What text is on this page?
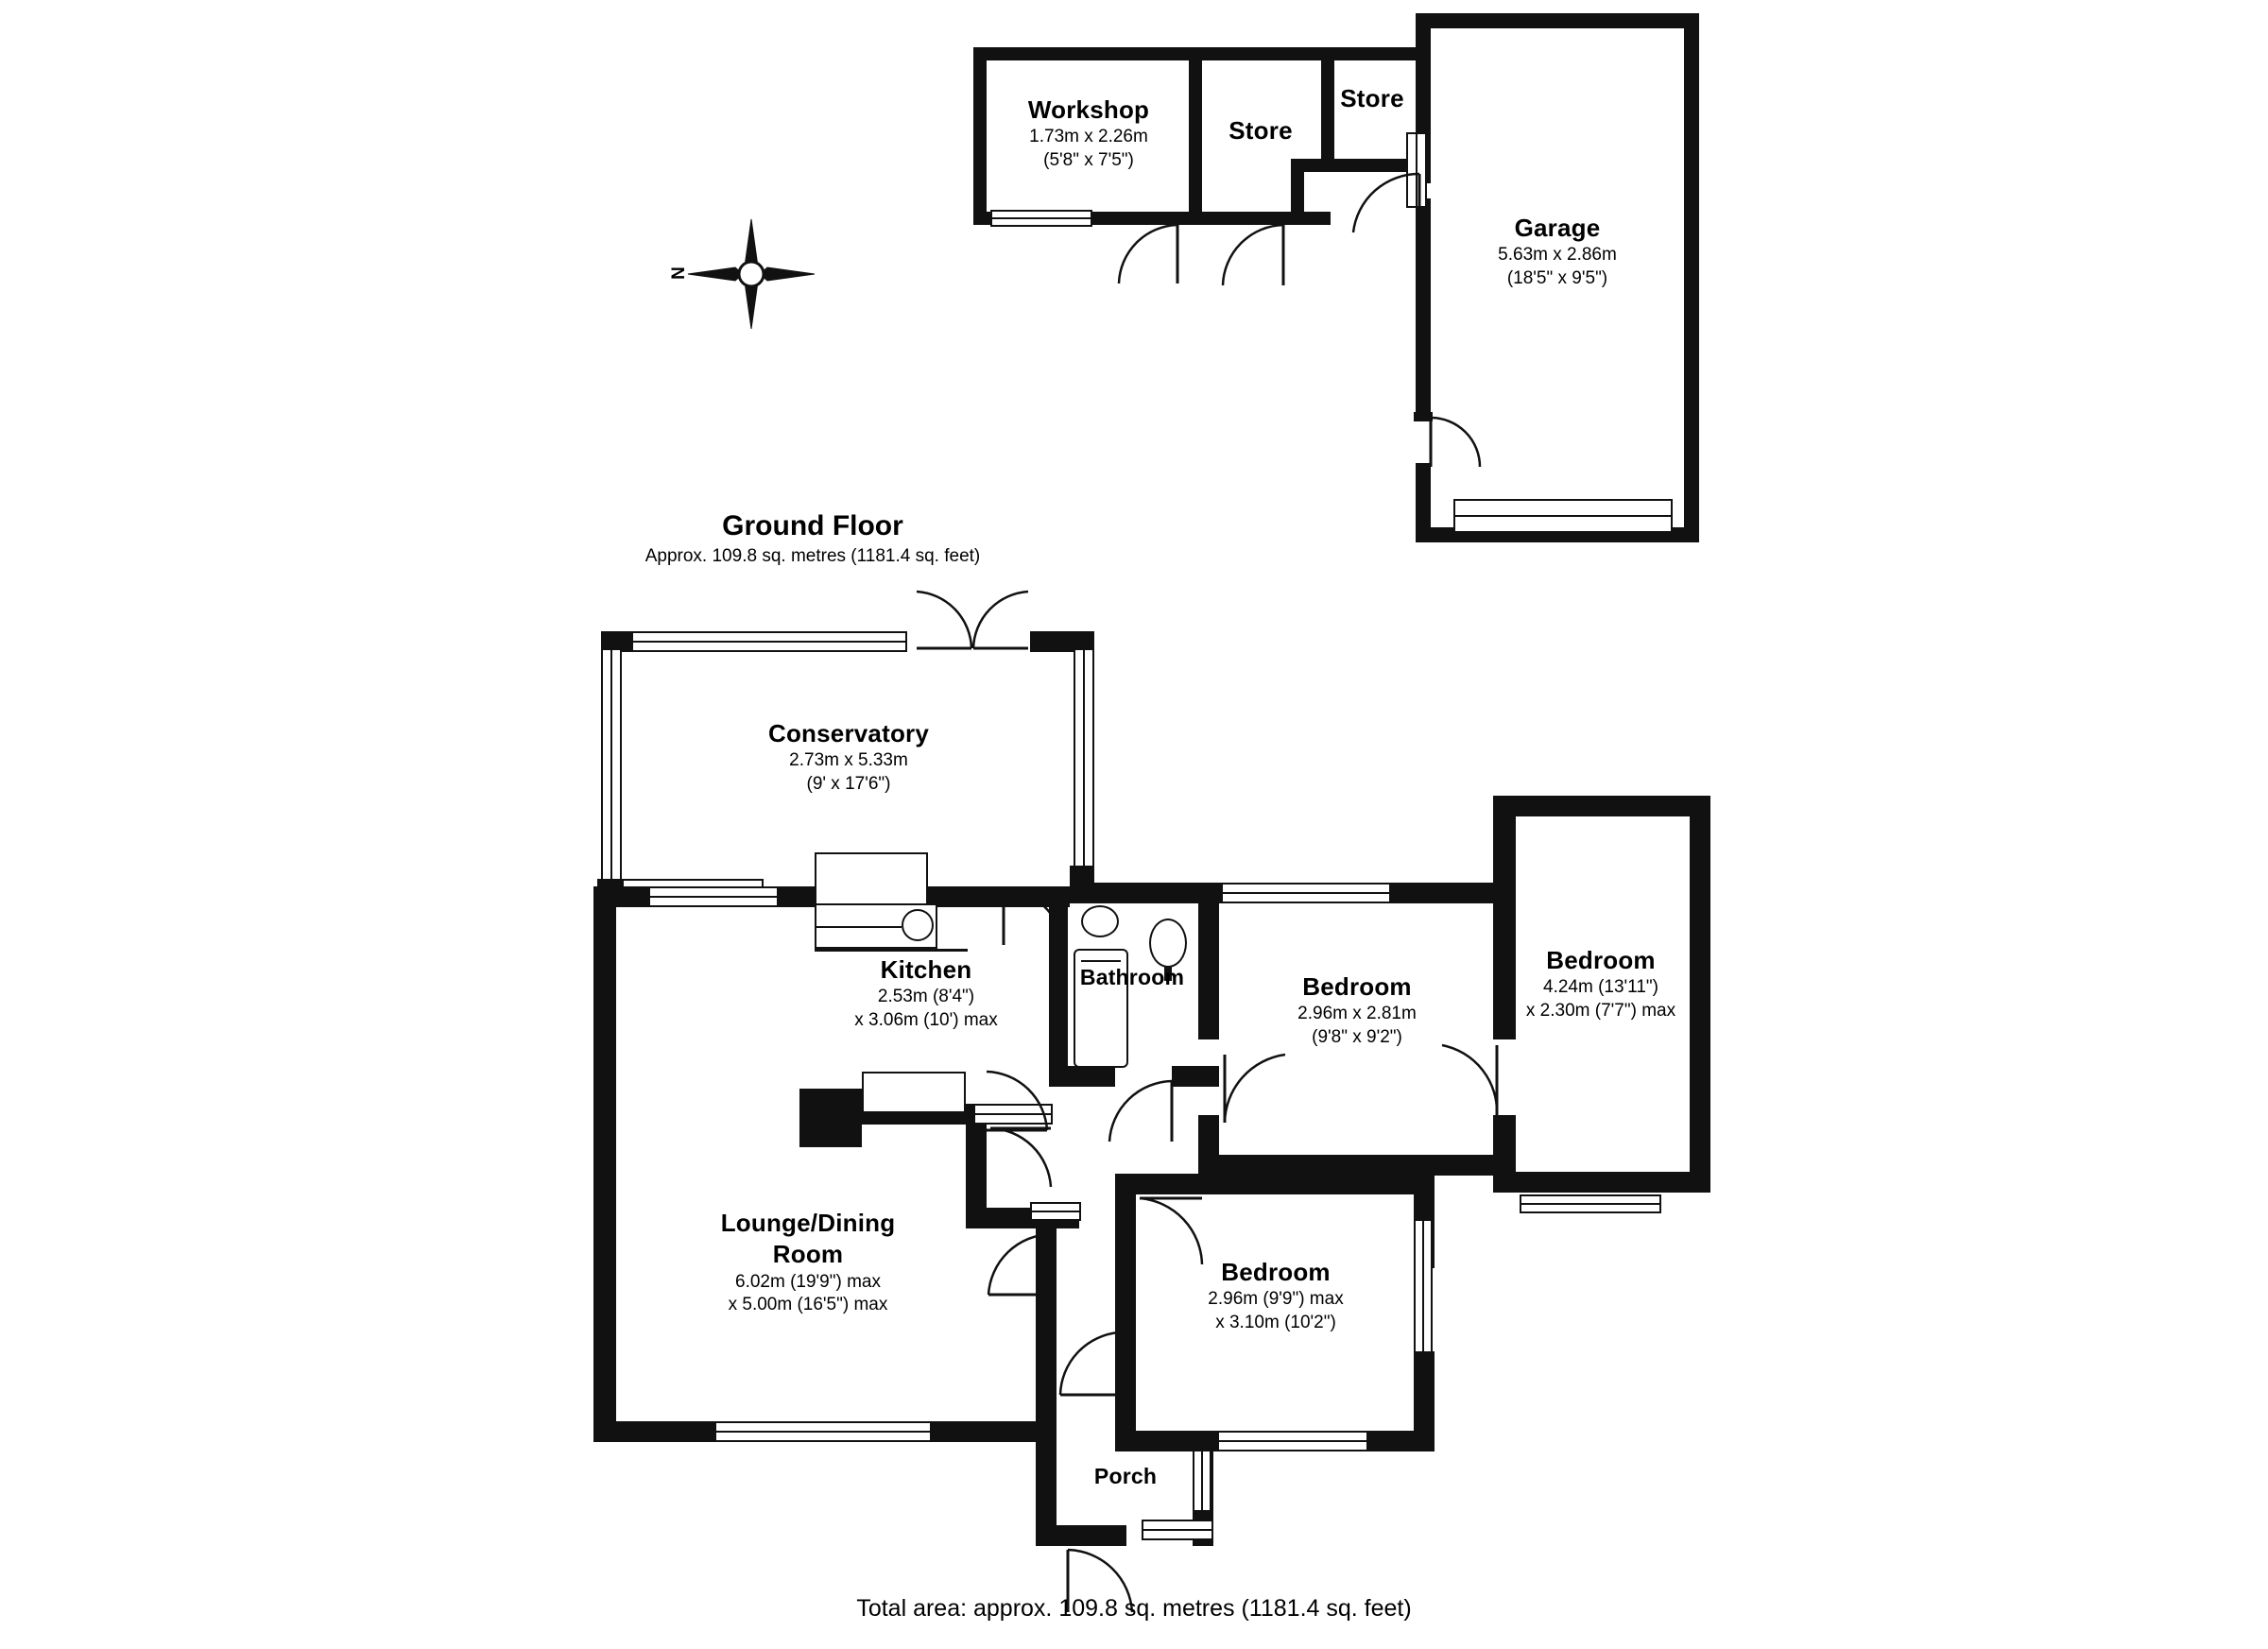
Workshop
1.73m x 2.26m
(5'8" x 7'5")
Store
Store
Garage
5.63m x 2.86m
(18'5" x 9'5")
N
Ground Floor
Approx. 109.8 sq. metres (1181.4 sq. feet)
Conservatory
2.73m x 5.33m
(9' x 17'6")
Kitchen
2.53m (8'4")
x 3.06m (10') max
Bathroom	Bedroom
2.96m x 2.81m
(9'8" x 9'2")
Bedroom
4.24m (13'11")
x 2.30m (7'7") max
Bedroom
2.96m (9'9") max
x 3.10m (10'2")
Lounge/Dining
Room
6.02m (19'9") max
x 5.00m (16'5") max
Porch
Total area: approx. 109.8 sq. metres (1181.4 sq. feet)
